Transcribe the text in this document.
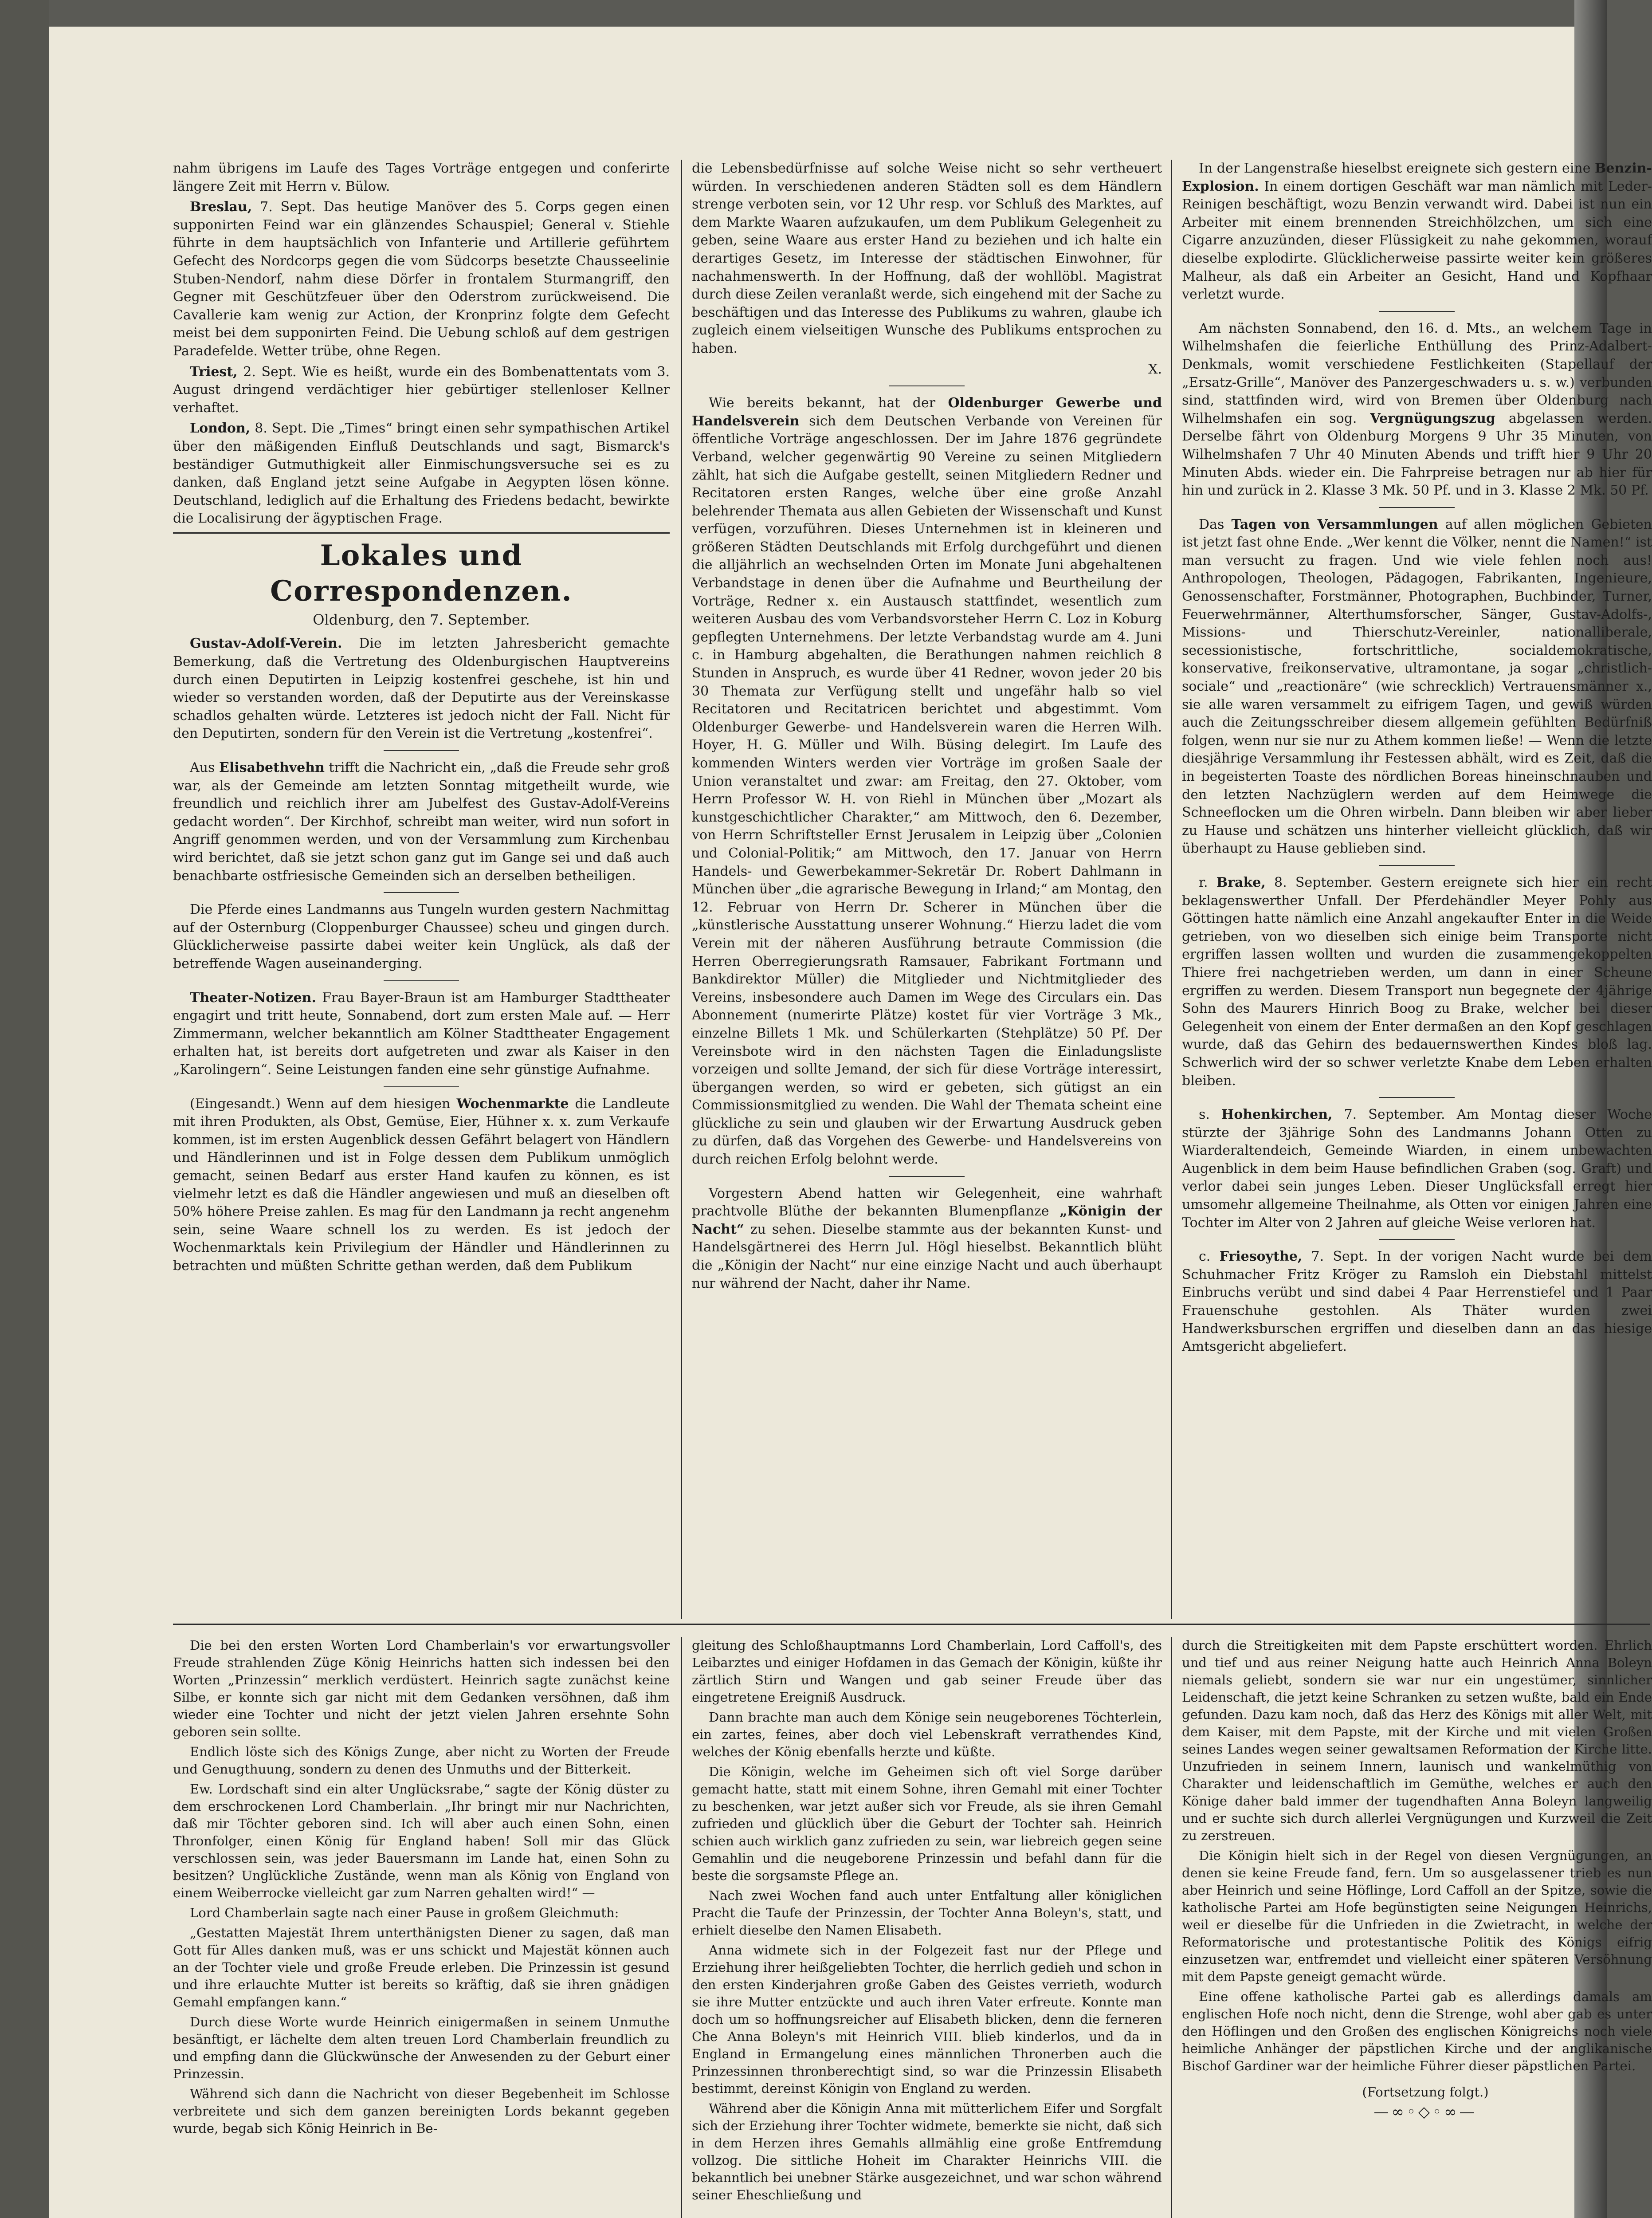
nahm übrigens im Laufe des Tages Vorträge entgegen und conferirte längere Zeit mit Herrn v. Bülow.

Breslau, 7. Sept. Das heutige Manöver des 5. Corps gegen einen supponirten Feind war ein glänzendes Schauspiel; General v. Stiehle führte in dem hauptsächlich von Infanterie und Artillerie geführtem Gefecht des Nordcorps gegen die vom Südcorps besetzte Chausseelinie Stuben-Nendorf, nahm diese Dörfer in frontalem Sturmangriff, den Gegner mit Geschützfeuer über den Oderstrom zurückweisend. Die Cavallerie kam wenig zur Action, der Kronprinz folgte dem Gefecht meist bei dem supponirten Feind. Die Uebung schloß auf dem gestrigen Paradefelde. Wetter trübe, ohne Regen.

Triest, 2. Sept. Wie es heißt, wurde ein des Bombenattentats vom 3. August dringend verdächtiger hier gebürtiger stellenloser Kellner verhaftet.

London, 8. Sept. Die „Times“ bringt einen sehr sympathischen Artikel über den mäßigenden Einfluß Deutschlands und sagt, Bismarck's beständiger Gutmuthigkeit aller Einmischungsversuche sei es zu danken, daß England jetzt seine Aufgabe in Aegypten lösen könne. Deutschland, lediglich auf die Erhaltung des Friedens bedacht, bewirkte die Localisirung der ägyptischen Frage.

Lokales und Correspondenzen.
Oldenburg, den 7. September.

Gustav-Adolf-Verein. Die im letzten Jahresbericht gemachte Bemerkung, daß die Vertretung des Oldenburgischen Hauptvereins durch einen Deputirten in Leipzig kostenfrei geschehe, ist hin und wieder so verstanden worden, daß der Deputirte aus der Vereinskasse schadlos gehalten würde. Letzteres ist jedoch nicht der Fall. Nicht für den Deputirten, sondern für den Verein ist die Vertretung „kostenfrei“.

Aus Elisabethvehn trifft die Nachricht ein, „daß die Freude sehr groß war, als der Gemeinde am letzten Sonntag mitgetheilt wurde, wie freundlich und reichlich ihrer am Jubelfest des Gustav-Adolf-Vereins gedacht worden“. Der Kirchhof, schreibt man weiter, wird nun sofort in Angriff genommen werden, und von der Versammlung zum Kirchenbau wird berichtet, daß sie jetzt schon ganz gut im Gange sei und daß auch benachbarte ostfriesische Gemeinden sich an derselben betheiligen.

Die Pferde eines Landmanns aus Tungeln wurden gestern Nachmittag auf der Osternburg (Cloppenburger Chaussee) scheu und gingen durch. Glücklicherweise passirte dabei weiter kein Unglück, als daß der betreffende Wagen auseinanderging.

Theater-Notizen. Frau Bayer-Braun ist am Hamburger Stadttheater engagirt und tritt heute, Sonnabend, dort zum ersten Male auf. — Herr Zimmermann, welcher bekanntlich am Kölner Stadttheater Engagement erhalten hat, ist bereits dort aufgetreten und zwar als Kaiser in den „Karolingern“. Seine Leistungen fanden eine sehr günstige Aufnahme.

(Eingesandt.) Wenn auf dem hiesigen Wochenmarkte die Landleute mit ihren Produkten, als Obst, Gemüse, Eier, Hühner x. x. zum Verkaufe kommen, ist im ersten Augenblick dessen Gefährt belagert von Händlern und Händlerinnen und ist in Folge dessen dem Publikum unmöglich gemacht, seinen Bedarf aus erster Hand kaufen zu können, es ist vielmehr letzt es daß die Händler angewiesen und muß an dieselben oft 50% höhere Preise zahlen. Es mag für den Landmann ja recht angenehm sein, seine Waare schnell los zu werden. Es ist jedoch der Wochenmarktals kein Privilegium der Händler und Händlerinnen zu betrachten und müßten Schritte gethan werden, daß dem Publikum

die Lebensbedürfnisse auf solche Weise nicht so sehr vertheuert würden. In verschiedenen anderen Städten soll es dem Händlern strenge verboten sein, vor 12 Uhr resp. vor Schluß des Marktes, auf dem Markte Waaren aufzukaufen, um dem Publikum Gelegenheit zu geben, seine Waare aus erster Hand zu beziehen und ich halte ein derartiges Gesetz, im Interesse der städtischen Einwohner, für nachahmenswerth. In der Hoffnung, daß der wohllöbl. Magistrat durch diese Zeilen veranlaßt werde, sich eingehend mit der Sache zu beschäftigen und das Interesse des Publikums zu wahren, glaube ich zugleich einem vielseitigen Wunsche des Publikums entsprochen zu haben.

X.

Wie bereits bekannt, hat der Oldenburger Gewerbe und Handelsverein sich dem Deutschen Verbande von Vereinen für öffentliche Vorträge angeschlossen. Der im Jahre 1876 gegründete Verband, welcher gegenwärtig 90 Vereine zu seinen Mitgliedern zählt, hat sich die Aufgabe gestellt, seinen Mitgliedern Redner und Recitatoren ersten Ranges, welche über eine große Anzahl belehrender Themata aus allen Gebieten der Wissenschaft und Kunst verfügen, vorzuführen. Dieses Unternehmen ist in kleineren und größeren Städten Deutschlands mit Erfolg durchgeführt und dienen die alljährlich an wechselnden Orten im Monate Juni abgehaltenen Verbandstage in denen über die Aufnahme und Beurtheilung der Vorträge, Redner x. ein Austausch stattfindet, wesentlich zum weiteren Ausbau des vom Verbandsvorsteher Herrn C. Loz in Koburg gepflegten Unternehmens. Der letzte Verbandstag wurde am 4. Juni c. in Hamburg abgehalten, die Berathungen nahmen reichlich 8 Stunden in Anspruch, es wurde über 41 Redner, wovon jeder 20 bis 30 Themata zur Verfügung stellt und ungefähr halb so viel Recitatoren und Recitatricen berichtet und abgestimmt. Vom Oldenburger Gewerbe- und Handelsverein waren die Herren Wilh. Hoyer, H. G. Müller und Wilh. Büsing delegirt. Im Laufe des kommenden Winters werden vier Vorträge im großen Saale der Union veranstaltet und zwar: am Freitag, den 27. Oktober, vom Herrn Professor W. H. von Riehl in München über „Mozart als kunstgeschichtlicher Charakter,“ am Mittwoch, den 6. Dezember, von Herrn Schriftsteller Ernst Jerusalem in Leipzig über „Colonien und Colonial-Politik;“ am Mittwoch, den 17. Januar von Herrn Handels- und Gewerbekammer-Sekretär Dr. Robert Dahlmann in München über „die agrarische Bewegung in Irland;“ am Montag, den 12. Februar von Herrn Dr. Scherer in München über die „künstlerische Ausstattung unserer Wohnung.“ Hierzu ladet die vom Verein mit der näheren Ausführung betraute Commission (die Herren Oberregierungsrath Ramsauer, Fabrikant Fortmann und Bankdirektor Müller) die Mitglieder und Nichtmitglieder des Vereins, insbesondere auch Damen im Wege des Circulars ein. Das Abonnement (numerirte Plätze) kostet für vier Vorträge 3 Mk., einzelne Billets 1 Mk. und Schülerkarten (Stehplätze) 50 Pf. Der Vereinsbote wird in den nächsten Tagen die Einladungsliste vorzeigen und sollte Jemand, der sich für diese Vorträge interessirt, übergangen werden, so wird er gebeten, sich gütigst an ein Commissionsmitglied zu wenden. Die Wahl der Themata scheint eine glückliche zu sein und glauben wir der Erwartung Ausdruck geben zu dürfen, daß das Vorgehen des Gewerbe- und Handelsvereins von durch reichen Erfolg belohnt werde.

Vorgestern Abend hatten wir Gelegenheit, eine wahrhaft prachtvolle Blüthe der bekannten Blumenpflanze „Königin der Nacht“ zu sehen. Dieselbe stammte aus der bekannten Kunst- und Handelsgärtnerei des Herrn Jul. Högl hieselbst. Bekanntlich blüht die „Königin der Nacht“ nur eine einzige Nacht und auch überhaupt nur während der Nacht, daher ihr Name.

In der Langenstraße hieselbst ereignete sich gestern eine Benzin-Explosion. In einem dortigen Geschäft war man nämlich mit Leder-Reinigen beschäftigt, wozu Benzin verwandt wird. Dabei ist nun ein Arbeiter mit einem brennenden Streichhölzchen, um sich eine Cigarre anzuzünden, dieser Flüssigkeit zu nahe gekommen, worauf dieselbe explodirte. Glücklicherweise passirte weiter kein größeres Malheur, als daß ein Arbeiter an Gesicht, Hand und Kopfhaar verletzt wurde.

Am nächsten Sonnabend, den 16. d. Mts., an welchem Tage in Wilhelmshafen die feierliche Enthüllung des Prinz-Adalbert-Denkmals, womit verschiedene Festlichkeiten (Stapellauf der „Ersatz-Grille“, Manöver des Panzergeschwaders u. s. w.) verbunden sind, stattfinden wird, wird von Bremen über Oldenburg nach Wilhelmshafen ein sog. Vergnügungszug abgelassen werden. Derselbe fährt von Oldenburg Morgens 9 Uhr 35 Minuten, von Wilhelmshafen 7 Uhr 40 Minuten Abends und trifft hier 9 Uhr 20 Minuten Abds. wieder ein. Die Fahrpreise betragen nur ab hier für hin und zurück in 2. Klasse 3 Mk. 50 Pf. und in 3. Klasse 2 Mk. 50 Pf.

Das Tagen von Versammlungen auf allen möglichen Gebieten ist jetzt fast ohne Ende. „Wer kennt die Völker, nennt die Namen!“ ist man versucht zu fragen. Und wie viele fehlen noch aus! Anthropologen, Theologen, Pädagogen, Fabrikanten, Ingenieure, Genossenschafter, Forstmänner, Photographen, Buchbinder, Turner, Feuerwehrmänner, Alterthumsforscher, Sänger, Gustav-Adolfs-, Missions- und Thierschutz-Vereinler, nationalliberale, secessionistische, fortschrittliche, socialdemokratische, konservative, freikonservative, ultramontane, ja sogar „christlich-sociale“ und „reactionäre“ (wie schrecklich) Vertrauensmänner x., sie alle waren versammelt zu eifrigem Tagen, und gewiß würden auch die Zeitungsschreiber diesem allgemein gefühlten Bedürfniß folgen, wenn nur sie nur zu Athem kommen ließe! — Wenn die letzte diesjährige Versammlung ihr Festessen abhält, wird es Zeit, daß die in begeisterten Toaste des nördlichen Boreas hineinschnauben und den letzten Nachzüglern werden auf dem Heimwege die Schneeflocken um die Ohren wirbeln. Dann bleiben wir aber lieber zu Hause und schätzen uns hinterher vielleicht glücklich, daß wir überhaupt zu Hause geblieben sind.

r. Brake, 8. September. Gestern ereignete sich hier ein recht beklagenswerther Unfall. Der Pferdehändler Meyer Pohly aus Göttingen hatte nämlich eine Anzahl angekaufter Enter in die Weide getrieben, von wo dieselben sich einige beim Transporte nicht ergriffen lassen wollten und wurden die zusammengekoppelten Thiere frei nachgetrieben werden, um dann in einer Scheune ergriffen zu werden. Diesem Transport nun begegnete der 4jährige Sohn des Maurers Hinrich Boog zu Brake, welcher bei dieser Gelegenheit von einem der Enter dermaßen an den Kopf geschlagen wurde, daß das Gehirn des bedauernswerthen Kindes bloß lag. Schwerlich wird der so schwer verletzte Knabe dem Leben erhalten bleiben.

s. Hohenkirchen, 7. September. Am Montag dieser Woche stürzte der 3jährige Sohn des Landmanns Johann Otten zu Wiarderaltendeich, Gemeinde Wiarden, in einem unbewachten Augenblick in dem beim Hause befindlichen Graben (sog. Graft) und verlor dabei sein junges Leben. Dieser Unglücksfall erregt hier umsomehr allgemeine Theilnahme, als Otten vor einigen Jahren eine Tochter im Alter von 2 Jahren auf gleiche Weise verloren hat.

c. Friesoythe, 7. Sept. In der vorigen Nacht wurde bei dem Schuhmacher Fritz Kröger zu Ramsloh ein Diebstahl mittelst Einbruchs verübt und sind dabei 4 Paar Herrenstiefel und 1 Paar Frauenschuhe gestohlen. Als Thäter wurden zwei Handwerksburschen ergriffen und dieselben dann an das hiesige Amtsgericht abgeliefert.

Die bei den ersten Worten Lord Chamberlain's vor erwartungsvoller Freude strahlenden Züge König Heinrichs hatten sich indessen bei den Worten „Prinzessin“ merklich verdüstert. Heinrich sagte zunächst keine Silbe, er konnte sich gar nicht mit dem Gedanken versöhnen, daß ihm wieder eine Tochter und nicht der jetzt vielen Jahren ersehnte Sohn geboren sein sollte.

Endlich löste sich des Königs Zunge, aber nicht zu Worten der Freude und Genugthuung, sondern zu denen des Unmuths und der Bitterkeit.

Ew. Lordschaft sind ein alter Unglücksrabe,“ sagte der König düster zu dem erschrockenen Lord Chamberlain. „Ihr bringt mir nur Nachrichten, daß mir Töchter geboren sind. Ich will aber auch einen Sohn, einen Thronfolger, einen König für England haben! Soll mir das Glück verschlossen sein, was jeder Bauersmann im Lande hat, einen Sohn zu besitzen? Unglückliche Zustände, wenn man als König von England von einem Weiberrocke vielleicht gar zum Narren gehalten wird!“ —

Lord Chamberlain sagte nach einer Pause in großem Gleichmuth:

„Gestatten Majestät Ihrem unterthänigsten Diener zu sagen, daß man Gott für Alles danken muß, was er uns schickt und Majestät können auch an der Tochter viele und große Freude erleben. Die Prinzessin ist gesund und ihre erlauchte Mutter ist bereits so kräftig, daß sie ihren gnädigen Gemahl empfangen kann.“

Durch diese Worte wurde Heinrich einigermaßen in seinem Unmuthe besänftigt, er lächelte dem alten treuen Lord Chamberlain freundlich zu und empfing dann die Glückwünsche der Anwesenden zu der Geburt einer Prinzessin.

Während sich dann die Nachricht von dieser Begebenheit im Schlosse verbreitete und sich dem ganzen bereinigten Lords bekannt gegeben wurde, begab sich König Heinrich in Be-

gleitung des Schloßhauptmanns Lord Chamberlain, Lord Caffoll's, des Leibarztes und einiger Hofdamen in das Gemach der Königin, küßte ihr zärtlich Stirn und Wangen und gab seiner Freude über das eingetretene Ereigniß Ausdruck.

Dann brachte man auch dem Könige sein neugeborenes Töchterlein, ein zartes, feines, aber doch viel Lebenskraft verrathendes Kind, welches der König ebenfalls herzte und küßte.

Die Königin, welche im Geheimen sich oft viel Sorge darüber gemacht hatte, statt mit einem Sohne, ihren Gemahl mit einer Tochter zu beschenken, war jetzt außer sich vor Freude, als sie ihren Gemahl zufrieden und glücklich über die Geburt der Tochter sah. Heinrich schien auch wirklich ganz zufrieden zu sein, war liebreich gegen seine Gemahlin und die neugeborene Prinzessin und befahl dann für die beste die sorgsamste Pflege an.

Nach zwei Wochen fand auch unter Entfaltung aller königlichen Pracht die Taufe der Prinzessin, der Tochter Anna Boleyn's, statt, und erhielt dieselbe den Namen Elisabeth.

Anna widmete sich in der Folgezeit fast nur der Pflege und Erziehung ihrer heißgeliebten Tochter, die herrlich gedieh und schon in den ersten Kinderjahren große Gaben des Geistes verrieth, wodurch sie ihre Mutter entzückte und auch ihren Vater erfreute. Konnte man doch um so hoffnungsreicher auf Elisabeth blicken, denn die ferneren Che Anna Boleyn's mit Heinrich VIII. blieb kinderlos, und da in England in Ermangelung eines männlichen Thronerben auch die Prinzessinnen thronberechtigt sind, so war die Prinzessin Elisabeth bestimmt, dereinst Königin von England zu werden.

Während aber die Königin Anna mit mütterlichem Eifer und Sorgfalt sich der Erziehung ihrer Tochter widmete, bemerkte sie nicht, daß sich in dem Herzen ihres Gemahls allmählig eine große Entfremdung vollzog. Die sittliche Hoheit im Charakter Heinrichs VIII. die bekanntlich bei unebner Stärke ausgezeichnet, und war schon während seiner Eheschließung und

durch die Streitigkeiten mit dem Papste erschüttert worden. Ehrlich und tief und aus reiner Neigung hatte auch Heinrich Anna Boleyn niemals geliebt, sondern sie war nur ein ungestümer, sinnlicher Leidenschaft, die jetzt keine Schranken zu setzen wußte, bald ein Ende gefunden. Dazu kam noch, daß das Herz des Königs mit aller Welt, mit dem Kaiser, mit dem Papste, mit der Kirche und mit vielen Großen seines Landes wegen seiner gewaltsamen Reformation der Kirche litte. Unzufrieden in seinem Innern, launisch und wankelmüthig von Charakter und leidenschaftlich im Gemüthe, welches er auch den Könige daher bald immer der tugendhaften Anna Boleyn langweilig und er suchte sich durch allerlei Vergnügungen und Kurzweil die Zeit zu zerstreuen.

Die Königin hielt sich in der Regel von diesen Vergnügungen, an denen sie keine Freude fand, fern. Um so ausgelassener trieb es nun aber Heinrich und seine Höflinge, Lord Caffoll an der Spitze, sowie die katholische Partei am Hofe begünstigten seine Neigungen Heinrichs, weil er dieselbe für die Unfrieden in die Zwietracht, in welche der Reformatorische und protestantische Politik des Königs eifrig einzusetzen war, entfremdet und vielleicht einer späteren Versöhnung mit dem Papste geneigt gemacht würde.

Eine offene katholische Partei gab es allerdings damals am englischen Hofe noch nicht, denn die Strenge, wohl aber gab es unter den Höflingen und den Großen des englischen Königreichs noch viele heimliche Anhänger der päpstlichen Kirche und der anglikanische Bischof Gardiner war der heimliche Führer dieser päpstlichen Partei.

(Fortsetzung folgt.)

—∞◦◇◦∞—
